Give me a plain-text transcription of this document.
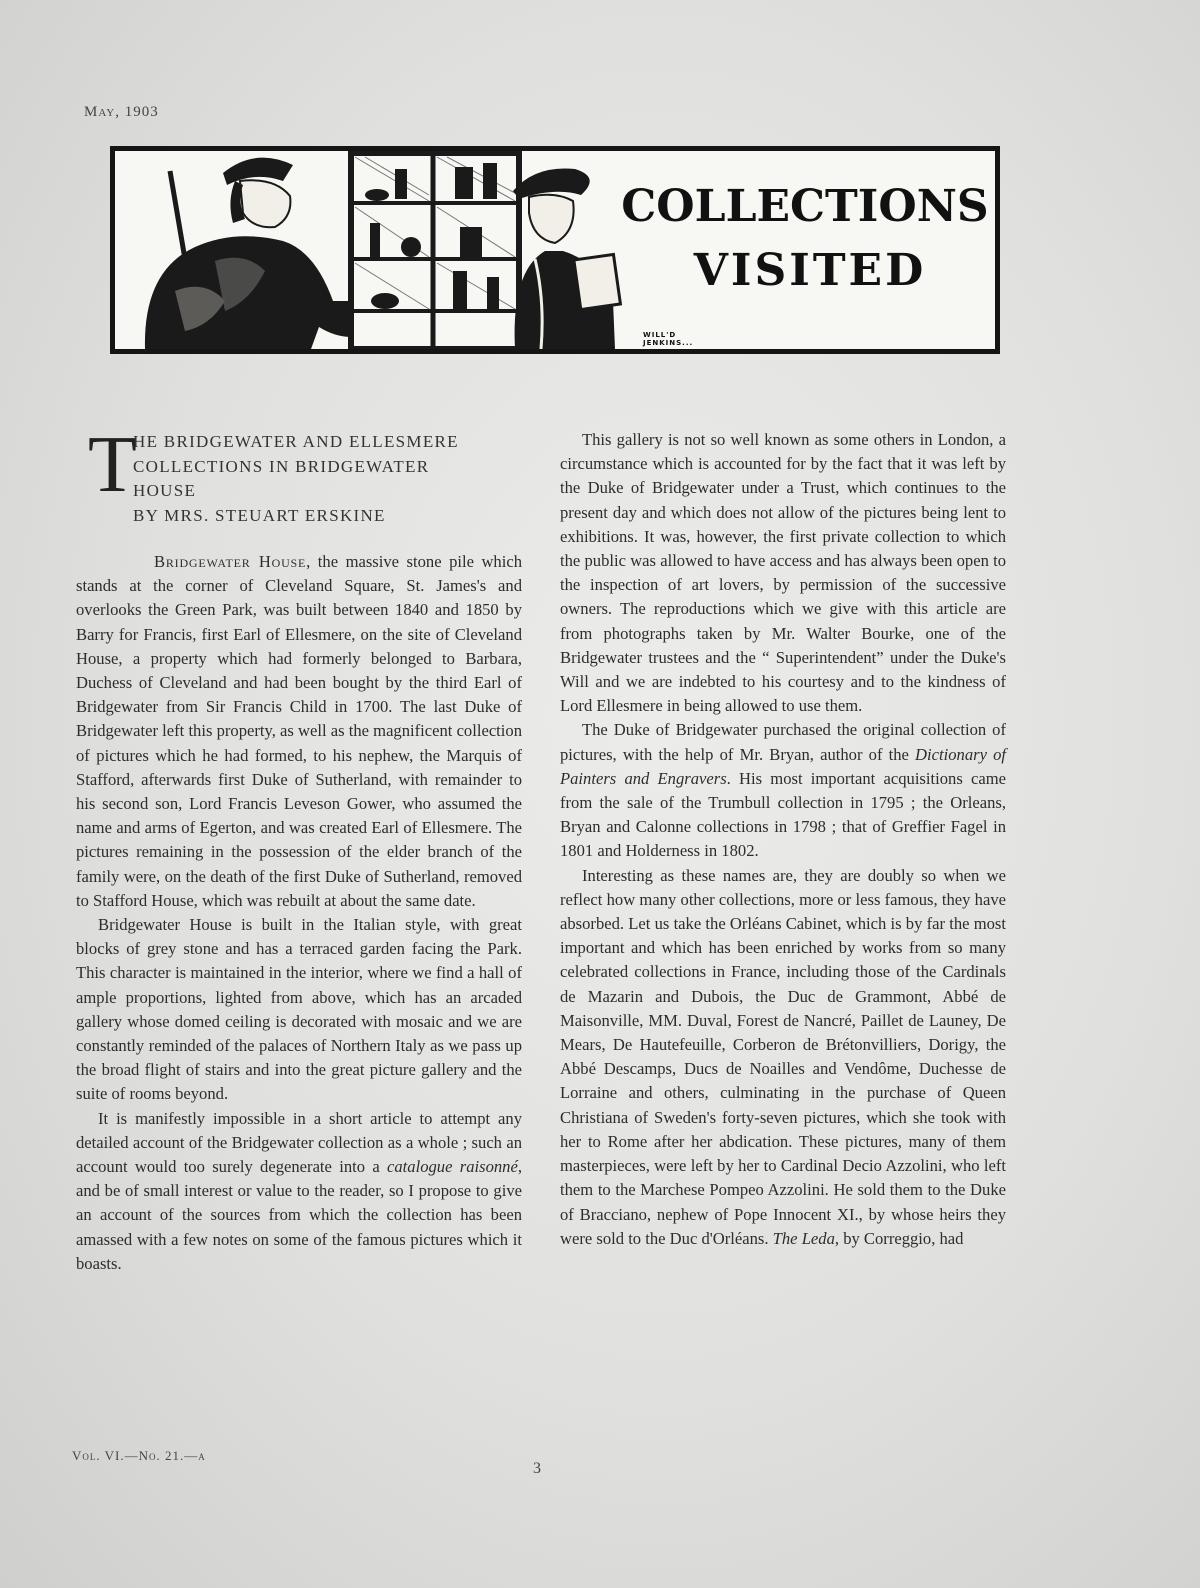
May, 1903
COLLECTIONS
VISITED
WILL'D
JENKINS...
T
HE BRIDGEWATER AND ELLESMERE
COLLECTIONS IN BRIDGEWATER
HOUSE
BY MRS. STEUART ERSKINE

Bridgewater House, the massive stone pile which stands at the corner of Cleveland Square, St. James's and overlooks the Green Park, was built between 1840 and 1850 by Barry for Francis, first Earl of Ellesmere, on the site of Cleveland House, a property which had formerly belonged to Barbara, Duchess of Cleveland and had been bought by the third Earl of Bridgewater from Sir Francis Child in 1700. The last Duke of Bridgewater left this property, as well as the magnificent collection of pictures which he had formed, to his nephew, the Marquis of Stafford, afterwards first Duke of Sutherland, with remainder to his second son, Lord Francis Leveson Gower, who assumed the name and arms of Egerton, and was created Earl of Ellesmere. The pictures remaining in the possession of the elder branch of the family were, on the death of the first Duke of Sutherland, removed to Stafford House, which was rebuilt at about the same date.

Bridgewater House is built in the Italian style, with great blocks of grey stone and has a terraced garden facing the Park. This character is maintained in the interior, where we find a hall of ample proportions, lighted from above, which has an arcaded gallery whose domed ceiling is decorated with mosaic and we are constantly reminded of the palaces of Northern Italy as we pass up the broad flight of stairs and into the great picture gallery and the suite of rooms beyond.

It is manifestly impossible in a short article to attempt any detailed account of the Bridgewater collection as a whole ; such an account would too surely degenerate into a catalogue raisonné, and be of small interest or value to the reader, so I propose to give an account of the sources from which the collection has been amassed with a few notes on some of the famous pictures which it boasts.

This gallery is not so well known as some others in London, a circumstance which is accounted for by the fact that it was left by the Duke of Bridgewater under a Trust, which continues to the present day and which does not allow of the pictures being lent to exhibitions. It was, however, the first private collection to which the public was allowed to have access and has always been open to the inspection of art lovers, by permission of the successive owners. The reproductions which we give with this article are from photographs taken by Mr. Walter Bourke, one of the Bridgewater trustees and the “ Superintendent” under the Duke's Will and we are indebted to his courtesy and to the kindness of Lord Ellesmere in being allowed to use them.

The Duke of Bridgewater purchased the original collection of pictures, with the help of Mr. Bryan, author of the Dictionary of Painters and Engravers. His most important acquisitions came from the sale of the Trumbull collection in 1795 ; the Orleans, Bryan and Calonne collections in 1798 ; that of Greffier Fagel in 1801 and Holderness in 1802.

Interesting as these names are, they are doubly so when we reflect how many other collections, more or less famous, they have absorbed. Let us take the Orléans Cabinet, which is by far the most important and which has been enriched by works from so many celebrated collections in France, including those of the Cardinals de Mazarin and Dubois, the Duc de Grammont, Abbé de Maisonville, MM. Duval, Forest de Nancré, Paillet de Launey, De Mears, De Hautefeuille, Corberon de Brétonvilliers, Dorigy, the Abbé Descamps, Ducs de Noailles and Vendôme, Duchesse de Lorraine and others, culminating in the purchase of Queen Christiana of Sweden's forty-seven pictures, which she took with her to Rome after her abdication. These pictures, many of them masterpieces, were left by her to Cardinal Decio Azzolini, who left them to the Marchese Pompeo Azzolini. He sold them to the Duke of Bracciano, nephew of Pope Innocent XI., by whose heirs they were sold to the Duc d'Orléans. The Leda, by Correggio, had

Vol. VI.—No. 21.—a
3
